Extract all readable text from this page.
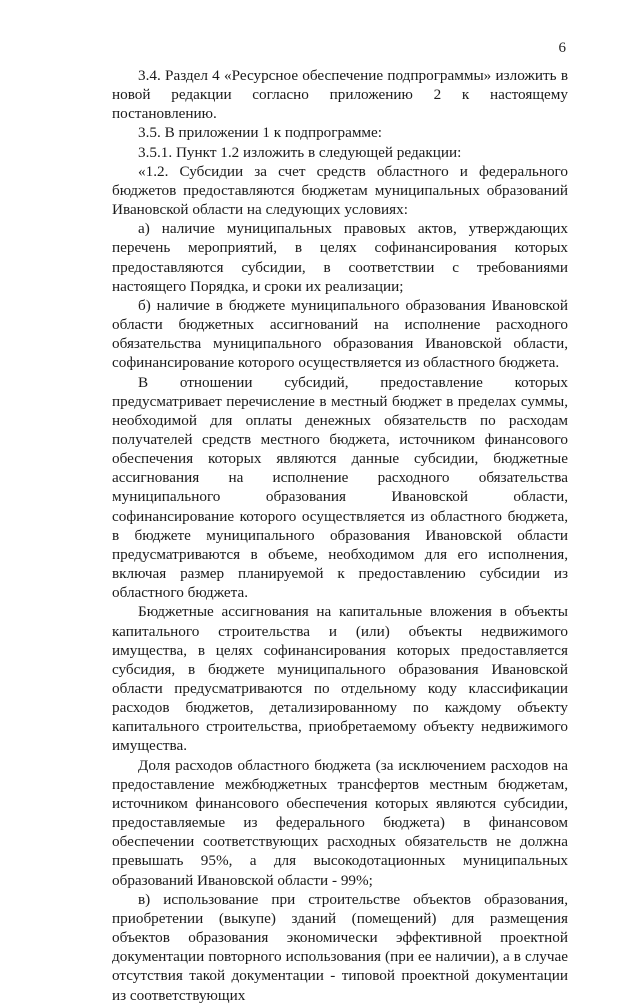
6

3.4. Раздел 4 «Ресурсное обеспечение подпрограммы» изложить в новой редакции согласно приложению 2 к настоящему постановлению.

3.5. В приложении 1 к подпрограмме:

3.5.1. Пункт 1.2 изложить в следующей редакции:

«1.2. Субсидии за счет средств областного и федерального бюджетов предоставляются бюджетам муниципальных образований Ивановской области на следующих условиях:

а) наличие муниципальных правовых актов, утверждающих перечень мероприятий, в целях софинансирования которых предоставляются субсидии, в соответствии с требованиями настоящего Порядка, и сроки их реализации;

б) наличие в бюджете муниципального образования Ивановской области бюджетных ассигнований на исполнение расходного обязательства муниципального образования Ивановской области, софинансирование которого осуществляется из областного бюджета.

В отношении субсидий, предоставление которых предусматривает перечисление в местный бюджет в пределах суммы, необходимой для оплаты денежных обязательств по расходам получателей средств местного бюджета, источником финансового обеспечения которых являются данные субсидии, бюджетные ассигнования на исполнение расходного обязательства муниципального образования Ивановской области, софинансирование которого осуществляется из областного бюджета, в бюджете муниципального образования Ивановской области предусматриваются в объеме, необходимом для его исполнения, включая размер планируемой к предоставлению субсидии из областного бюджета.

Бюджетные ассигнования на капитальные вложения в объекты капитального строительства и (или) объекты недвижимого имущества, в целях софинансирования которых предоставляется субсидия, в бюджете муниципального образования Ивановской области предусматриваются по отдельному коду классификации расходов бюджетов, детализированному по каждому объекту капитального строительства, приобретаемому объекту недвижимого имущества.

Доля расходов областного бюджета (за исключением расходов на предоставление межбюджетных трансфертов местным бюджетам, источником финансового обеспечения которых являются субсидии, предоставляемые из федерального бюджета) в финансовом обеспечении соответствующих расходных обязательств не должна превышать 95%, а для высокодотационных муниципальных образований Ивановской области - 99%;

в) использование при строительстве объектов образования, приобретении (выкупе) зданий (помещений) для размещения объектов образования экономически эффективной проектной документации повторного использования (при ее наличии), а в случае отсутствия такой документации - типовой проектной документации из соответствующих
